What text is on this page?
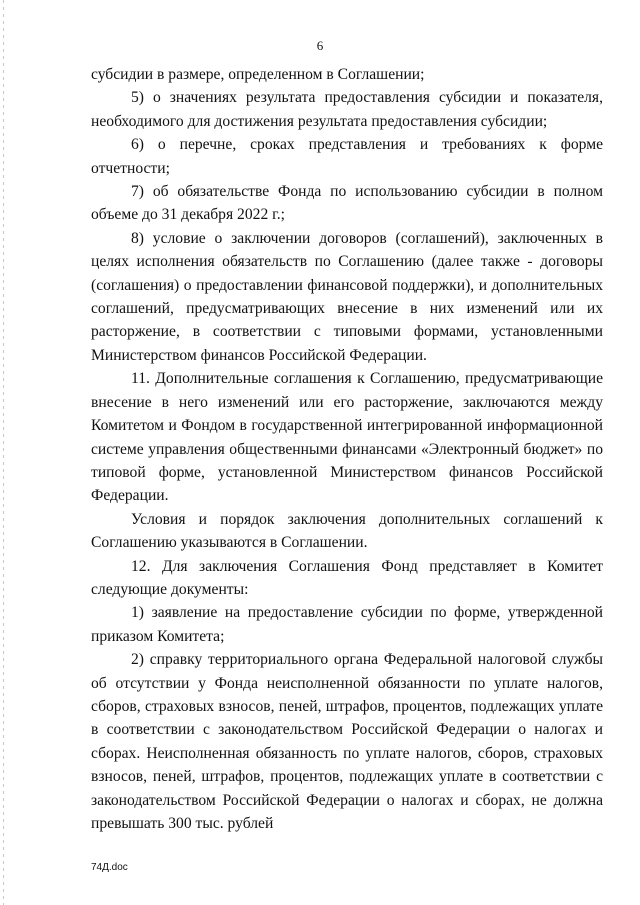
6

субсидии в размере, определенном в Соглашении;

5) о значениях результата предоставления субсидии и показателя, необходимого для достижения результата предоставления субсидии;

6) о перечне, сроках представления и требованиях к форме отчетности;

7) об обязательстве Фонда по использованию субсидии в полном объеме до 31 декабря 2022 г.;

8) условие о заключении договоров (соглашений), заключенных в целях исполнения обязательств по Соглашению (далее также - договоры (соглашения) о предоставлении финансовой поддержки), и дополнительных соглашений, предусматривающих внесение в них изменений или их расторжение, в соответствии с типовыми формами, установленными Министерством финансов Российской Федерации.

11. Дополнительные соглашения к Соглашению, предусматривающие внесение в него изменений или его расторжение, заключаются между Комитетом и Фондом в государственной интегрированной информационной системе управления общественными финансами «Электронный бюджет» по типовой форме, установленной Министерством финансов Российской Федерации.

Условия и порядок заключения дополнительных соглашений к Соглашению указываются в Соглашении.

12. Для заключения Соглашения Фонд представляет в Комитет следующие документы:

1) заявление на предоставление субсидии по форме, утвержденной приказом Комитета;

2) справку территориального органа Федеральной налоговой службы об отсутствии у Фонда неисполненной обязанности по уплате налогов, сборов, страховых взносов, пеней, штрафов, процентов, подлежащих уплате в соответствии с законодательством Российской Федерации о налогах и сборах. Неисполненная обязанность по уплате налогов, сборов, страховых взносов, пеней, штрафов, процентов, подлежащих уплате в соответствии с законодательством Российской Федерации о налогах и сборах, не должна превышать 300 тыс. рублей

74Д.doc
